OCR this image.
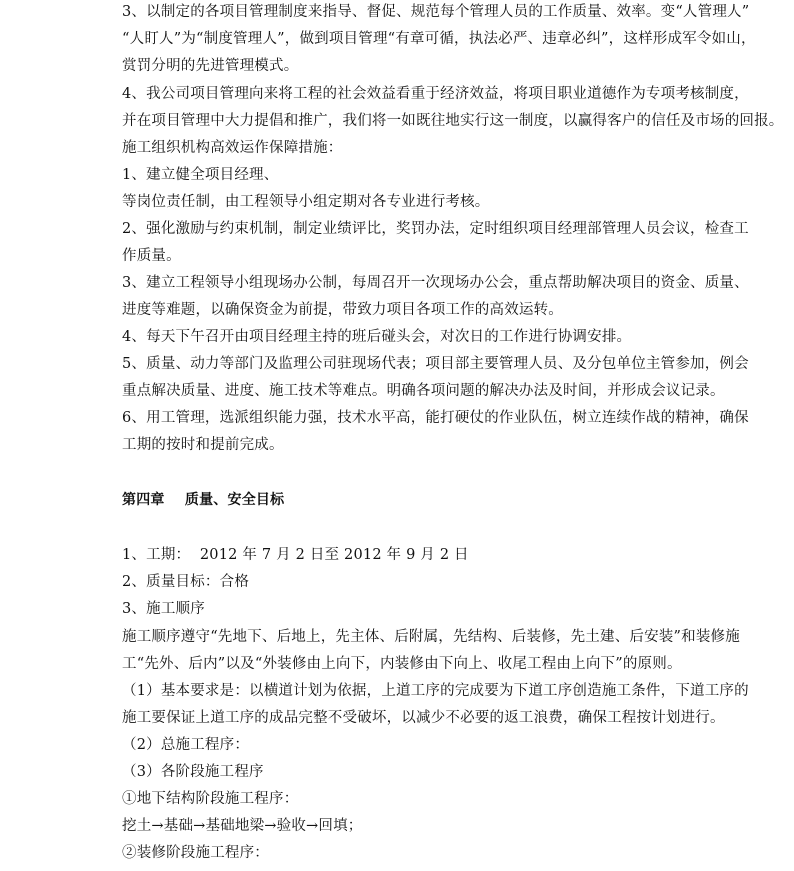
3、以制定的各项目管理制度来指导、督促、规范每个管理人员的工作质量、效率。变“人管理人”
“人盯人”为“制度管理人”，做到项目管理“有章可循，执法必严、违章必纠”，这样形成军令如山，
赏罚分明的先进管理模式。
4、我公司项目管理向来将工程的社会效益看重于经济效益，将项目职业道德作为专项考核制度，
并在项目管理中大力提倡和推广，我们将一如既往地实行这一制度，以赢得客户的信任及市场的回报。
施工组织机构高效运作保障措施：
1、建立健全项目经理、
等岗位责任制，由工程领导小组定期对各专业进行考核。
2、强化激励与约束机制，制定业绩评比，奖罚办法，定时组织项目经理部管理人员会议，检查工
作质量。
3、建立工程领导小组现场办公制，每周召开一次现场办公会，重点帮助解决项目的资金、质量、
进度等难题，以确保资金为前提，带致力项目各项工作的高效运转。
4、每天下午召开由项目经理主持的班后碰头会，对次日的工作进行协调安排。
5、质量、动力等部门及监理公司驻现场代表；项目部主要管理人员、及分包单位主管参加，例会
重点解决质量、进度、施工技术等难点。明确各项问题的解决办法及时间，并形成会议记录。
6、用工管理，选派组织能力强，技术水平高，能打硬仗的作业队伍，树立连续作战的精神，确保
工期的按时和提前完成。
第四章    质量、安全目标
1、工期：  2012 年 7 月 2 日至 2012 年 9 月 2 日
2、质量目标：合格
3、施工顺序
施工顺序遵守“先地下、后地上，先主体、后附属，先结构、后装修，先土建、后安装”和装修施
工“先外、后内”以及“外装修由上向下，内装修由下向上、收尾工程由上向下”的原则。
（1）基本要求是：以横道计划为依据，上道工序的完成要为下道工序创造施工条件，下道工序的
施工要保证上道工序的成品完整不受破坏，以减少不必要的返工浪费，确保工程按计划进行。
（2）总施工程序：
（3）各阶段施工程序
①地下结构阶段施工程序：
挖土→基础→基础地梁→验收→回填；
②装修阶段施工程序：
